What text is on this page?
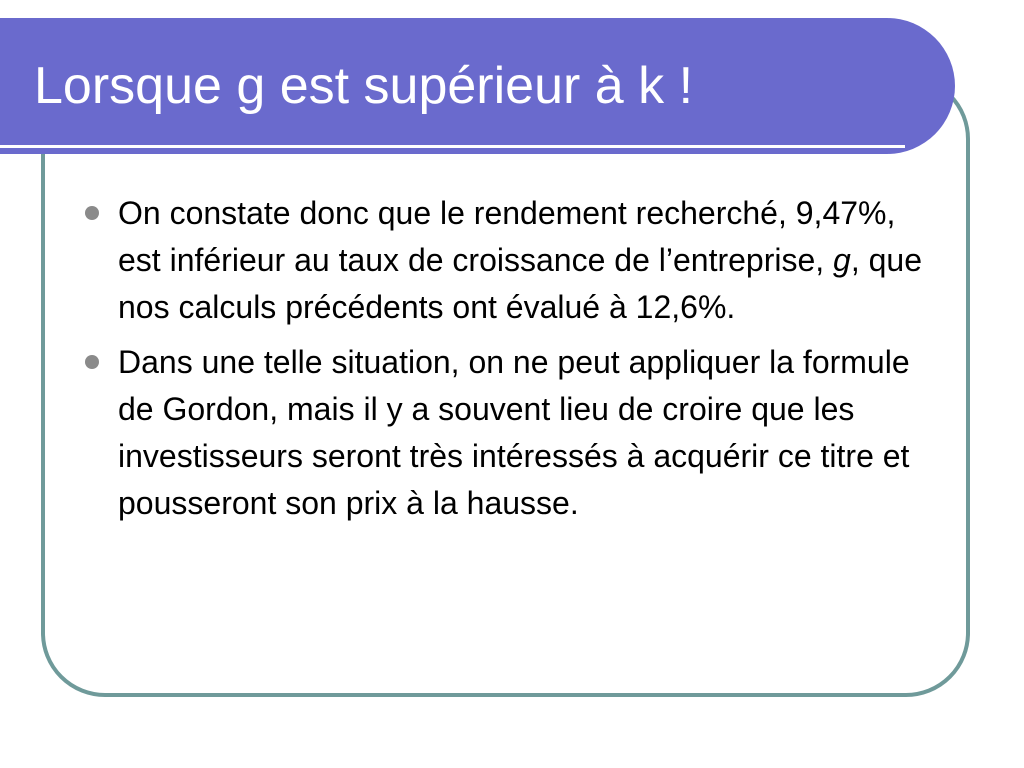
Lorsque g est supérieur à k !
On constate donc que le rendement recherché, 9,47%, est inférieur au taux de croissance de l’entreprise, g, que nos calculs précédents ont évalué à 12,6%.
Dans une telle situation, on ne peut appliquer la formule de Gordon, mais il y a souvent lieu de croire que les investisseurs seront très intéressés à acquérir ce titre et pousseront son prix à la hausse.
